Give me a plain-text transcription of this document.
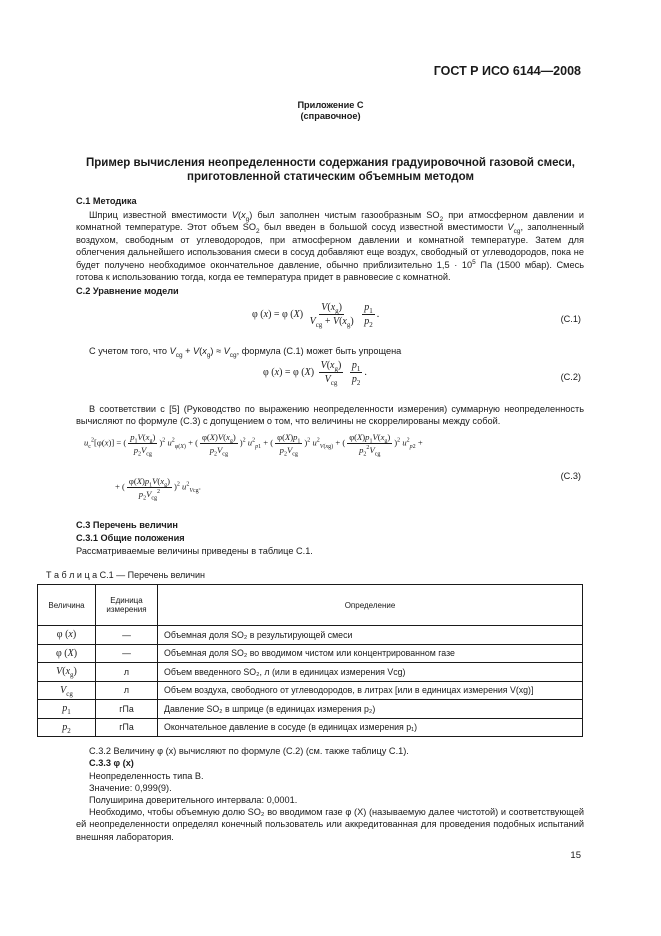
ГОСТ Р ИСО 6144—2008
Приложение C
(справочное)
Пример вычисления неопределенности содержания градуировочной газовой смеси,
приготовленной статическим объемным методом
C.1 Методика
Шприц известной вместимости $V(x_g)$ был заполнен чистым газообразным $SO_2$ при атмосферном давлении и комнатной температуре. Этот объем $SO_2$ был введен в большой сосуд известной вместимости $V_{cg}$, заполненный воздухом, свободным от углеводородов, при атмосферном давлении и комнатной температуре. Затем для облегчения дальнейшего использования смеси в сосуд добавляют еще воздух, свободный от углеводородов, пока не будет получено необходимое окончательное давление, обычно приблизительно $1,5 \cdot 10^5$ Па (1500 мбар). Смесь готова к использованию тогда, когда ее температура придет в равновесие с комнатной.
C.2 Уравнение модели
φ (x) = φ $(X) \frac{V(x_g)}{V_{cg} + V(x_g)}$
$\frac{p_1}{p_2}$ .	(C.1)
С учетом того, что $V_{cg} + V(x_g) \approx V_{cg}$, формула (C.1) может быть упрощена
φ (x) = φ $(X) \frac{V(x_g)}{V_{cg}}$
$\frac{p_1}{p_2}$ .	(C.2)
В соответствии с [5] (Руководство по выражению неопределенности измерения) суммарную неопределенность вычисляют по формуле (C.3) с допущением о том, что величины не скоррелированы между собой.
$u_c^2[\varphi(x)]$ = ( $\frac{p_1V(x_g)}{p_2V_{cg}} )^2$ $u^2_{\varphi(X)}$ + ( $\frac{\varphi(X)V(x_g)}{p_2V_{cg}} )^2$ $u^2_{p1}$ + ( $\frac{\varphi(X)p_1}{p_2V_{cg}} )^2$ $u^2_{V(xg)}$ + ( $\frac{\varphi(X)p_1V(x_g)}{p_2^2V_{cg}} )^2$ $u^2_{p2}$ +
+ ( $\frac{\varphi(X)p_1V(x_g)}{p_2V_{cg}^2} )^2$ $u^2_{Vcg}$.
(C.3)
C.3 Перечень величин
C.3.1 Общие положения
Рассматриваемые величины приведены в таблице C.1.
Т а б л и ц а C.1 — Перечень величин
Величина	Единица измерения	Определение
φ (x)	—	Объемная доля SO₂ в результирующей смеси
φ (X)	—	Объемная доля SO₂ во вводимом чистом или концентрированном газе
$V(x_g)$	л	Объем введенного SO₂, л (или в единицах измерения Vcg)
$V_{cg}$	л	Объем воздуха, свободного от углеводородов, в литрах [или в единицах измерения V(xg)]
$p_1$	гПа	Давление SO₂ в шприце (в единицах измерения p₂)
$p_2$	гПа	Окончательное давление в сосуде (в единицах измерения p₁)
C.3.2 Величину φ (x) вычисляют по формуле (C.2) (см. также таблицу C.1).
C.3.3 φ (x)
Неопределенность типа B.
Значение: 0,999(9).
Полуширина доверительного интервала: 0,0001.
Необходимо, чтобы объемную долю SO₂ во вводимом газе φ (X) (называемую далее чистотой) и соответствующей ей неопределенности определял конечный пользователь или аккредитованная для проведения подобных испытаний внешняя лаборатория.
15
